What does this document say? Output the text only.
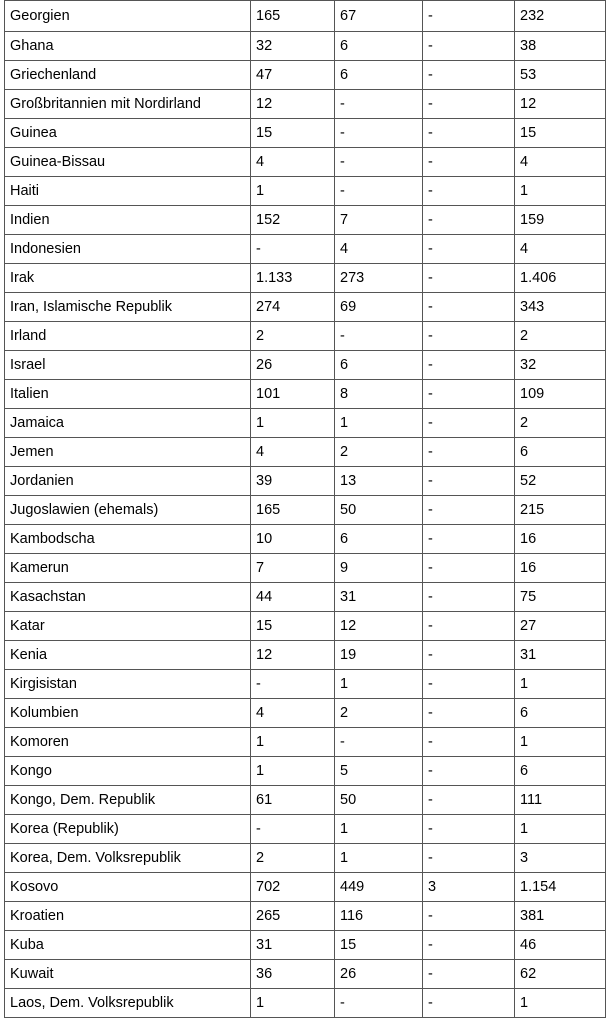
Georgien	165	67	-	232
Ghana	32	6	-	38
Griechenland	47	6	-	53
Großbritannien mit Nordirland	12	-	-	12
Guinea	15	-	-	15
Guinea-Bissau	4	-	-	4
Haiti	1	-	-	1
Indien	152	7	-	159
Indonesien	-	4	-	4
Irak	1.133	273	-	1.406
Iran, Islamische Republik	274	69	-	343
Irland	2	-	-	2
Israel	26	6	-	32
Italien	101	8	-	109
Jamaica	1	1	-	2
Jemen	4	2	-	6
Jordanien	39	13	-	52
Jugoslawien (ehemals)	165	50	-	215
Kambodscha	10	6	-	16
Kamerun	7	9	-	16
Kasachstan	44	31	-	75
Katar	15	12	-	27
Kenia	12	19	-	31
Kirgisistan	-	1	-	1
Kolumbien	4	2	-	6
Komoren	1	-	-	1
Kongo	1	5	-	6
Kongo, Dem. Republik	61	50	-	111
Korea (Republik)	-	1	-	1
Korea, Dem. Volksrepublik	2	1	-	3
Kosovo	702	449	3	1.154
Kroatien	265	116	-	381
Kuba	31	15	-	46
Kuwait	36	26	-	62
Laos, Dem. Volksrepublik	1	-	-	1
